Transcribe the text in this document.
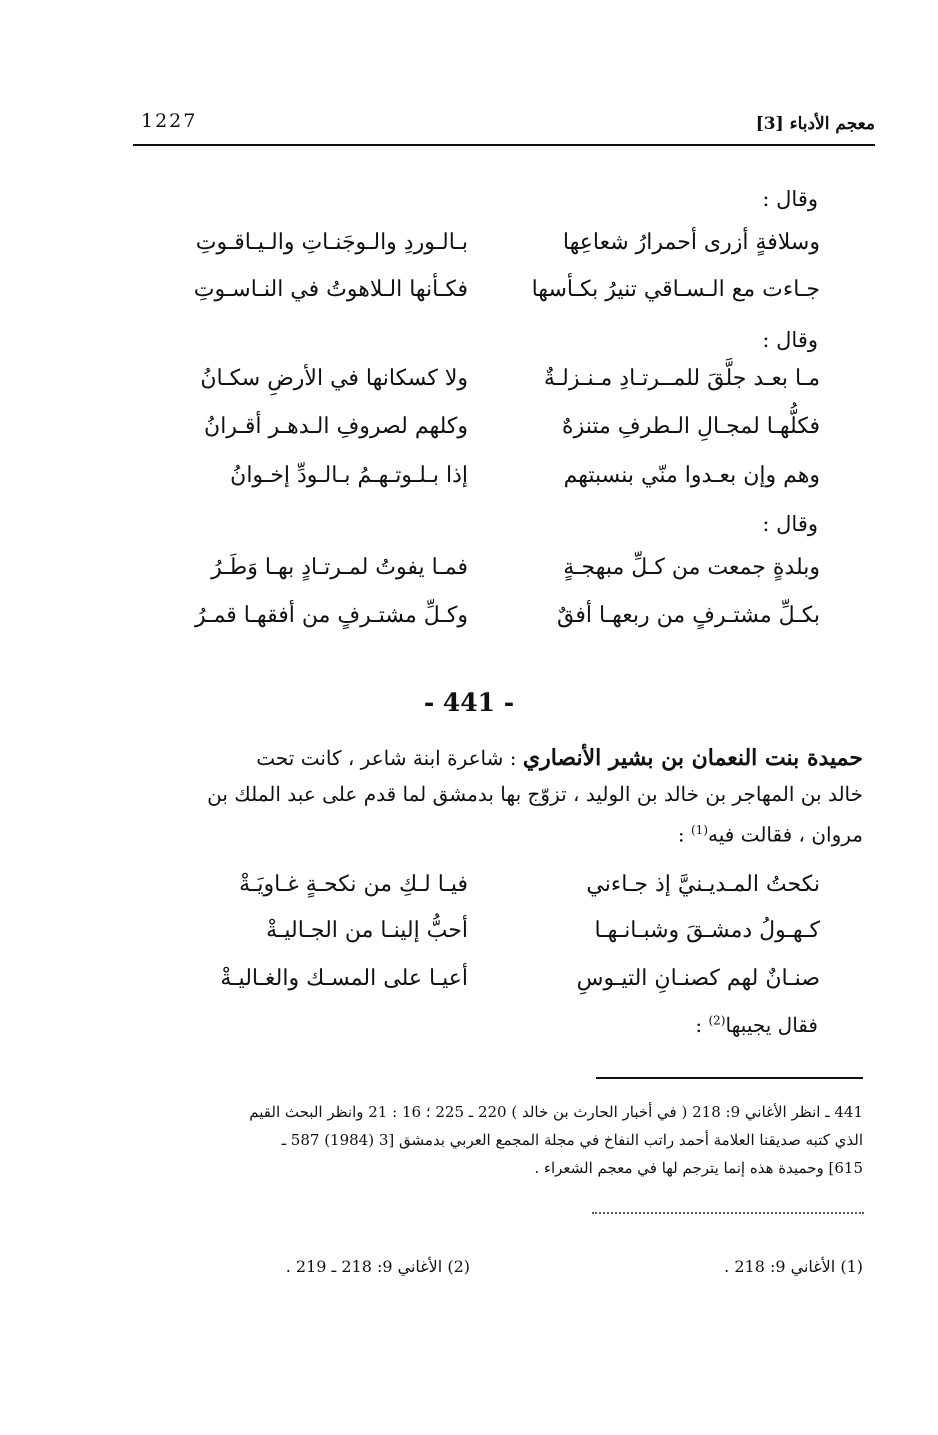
1227	معجم الأدباء [3]
وقال :
وسلافةٍ أزرى أحمرارُ شعاعِها
بـالـوردِ والـوجَنـاتِ والـيـاقـوتِ
جـاءت مع الـسـاقي تنيرُ بكـأسها
فكـأنها الـلاهوتُ في النـاسـوتِ
وقال :
مـا بعـد جلَّقَ للمــرتـادِ مـنـزلـةٌ
ولا كسكانها في الأرضِ سكـانُ
فكلُّهـا لمجـالِ الـطرفِ متنزهٌ
وكلهم لصروفِ الـدهـر أقـرانُ
وهم وإن بعـدوا منّي بنسبتهم
إذا بـلـوتـهـمُ بـالـودِّ إخـوانُ
وقال :
وبلدةٍ جمعت من كـلِّ مبهجـةٍ
فمـا يفوتُ لمـرتـادٍ بهـا وَطَـرُ
بكـلِّ مشتـرفٍ من ربعهـا أفقٌ
وكـلِّ مشتـرفٍ من أفقهـا قمـرُ
- 441 -
حميدة بنت النعمان بن بشير الأنصاري : شاعرة ابنة شاعر ، كانت تحت
خالد بن المهاجر بن خالد بن الوليد ، تزوّج بها بدمشق لما قدم على عبد الملك بن
مروان ، فقالت فيه$^{(1)}$ :
نكحتُ المـديـنيَّ إذ جـاءني
فيـا لـكِ من نكحـةٍ غـاويَـةْ
كـهـولُ دمشـقَ وشبـانـهـا
أحبُّ إلينـا من الجـاليـةْ
صنـانٌ لهم كصنـانِ التيـوسِ
أعيـا على المسـك والغـاليـةْ
فقال يجيبها$^{(2)}$ :
441 ـ انظر الأغاني 9: 218 ( في أخبار الحارث بن خالد ) 220 ـ 225 ؛ 16 : 21 وانظر البحث القيم
الذي كتبه صديقنا العلامة أحمد راتب النفاخ في مجلة المجمع العربي بدمشق [3 (1984) 587 ـ
615] وحميدة هذه إنما يترجم لها في معجم الشعراء .
(1) الأغاني 9: 218 .
(2) الأغاني 9: 218 ـ 219 .
